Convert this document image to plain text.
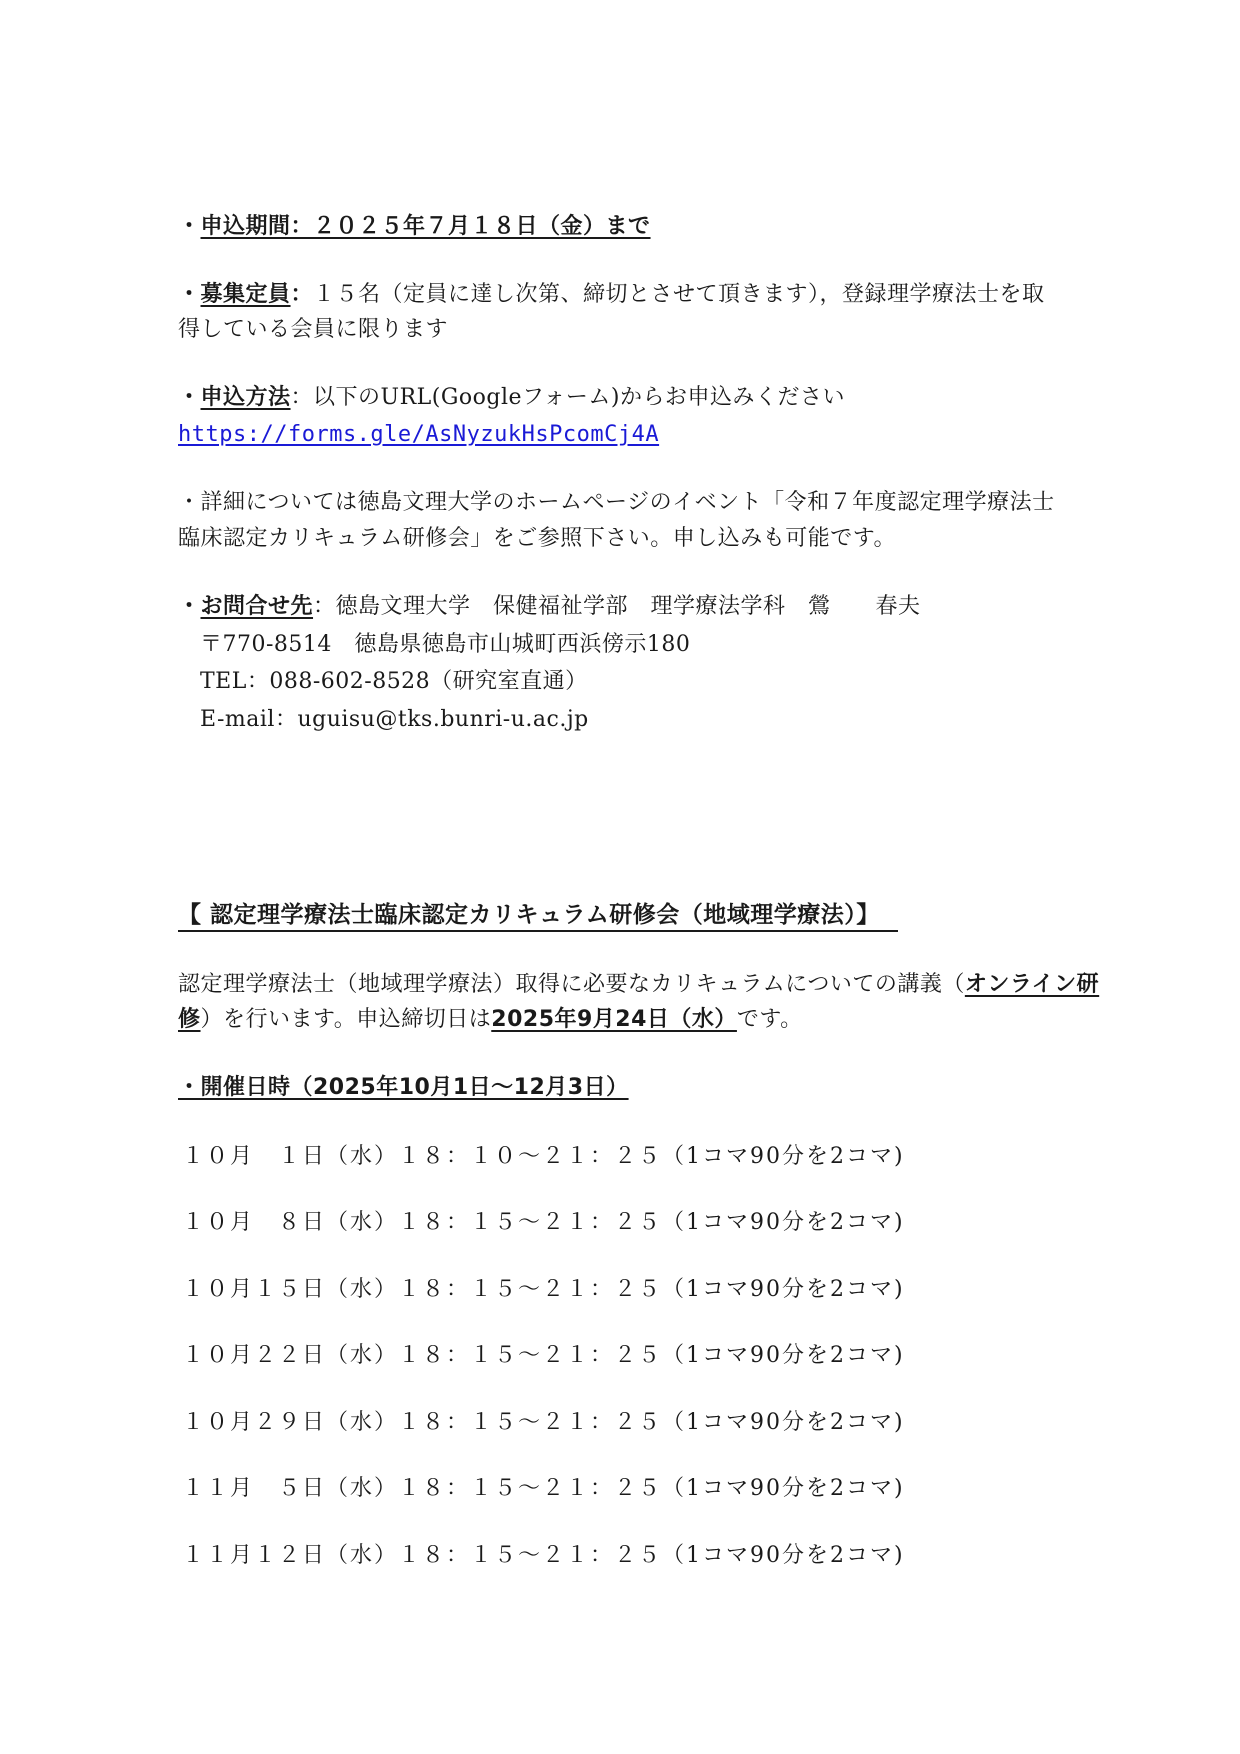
・申込期間：２０２５年７月１８日（金）まで
・募集定員：１５名（定員に達し次第、締切とさせて頂きます），登録理学療法士を取
得している会員に限ります
・申込方法：以下のURL(Googleフォーム)からお申込みください
https://forms.gle/AsNyzukHsPcomCj4A
・詳細については徳島文理大学のホームページのイベント「令和７年度認定理学療法士
臨床認定カリキュラム研修会」をご参照下さい。申し込みも可能です。
・お問合せ先：徳島文理大学　保健福祉学部　理学療法学科　鶯　　春夫
〒770-8514　徳島県徳島市山城町西浜傍示180
TEL：088-602-8528（研究室直通）
E-mail：uguisu@tks.bunri-u.ac.jp
【 認定理学療法士臨床認定カリキュラム研修会（地域理学療法）】
認定理学療法士（地域理学療法）取得に必要なカリキュラムについての講義（オンライン研
修）を行います。申込締切日は2025年9月24日（水）です。
・開催日時（2025年10月1日～12月3日）
１０月　１日（水）１８：１０～２１：２５（1コマ90分を2コマ)
１０月　８日（水）１８：１５～２１：２５（1コマ90分を2コマ)
１０月１５日（水）１８：１５～２１：２５（1コマ90分を2コマ)
１０月２２日（水）１８：１５～２１：２５（1コマ90分を2コマ)
１０月２９日（水）１８：１５～２１：２５（1コマ90分を2コマ)
１１月　５日（水）１８：１５～２１：２５（1コマ90分を2コマ)
１１月１２日（水）１８：１５～２１：２５（1コマ90分を2コマ)
